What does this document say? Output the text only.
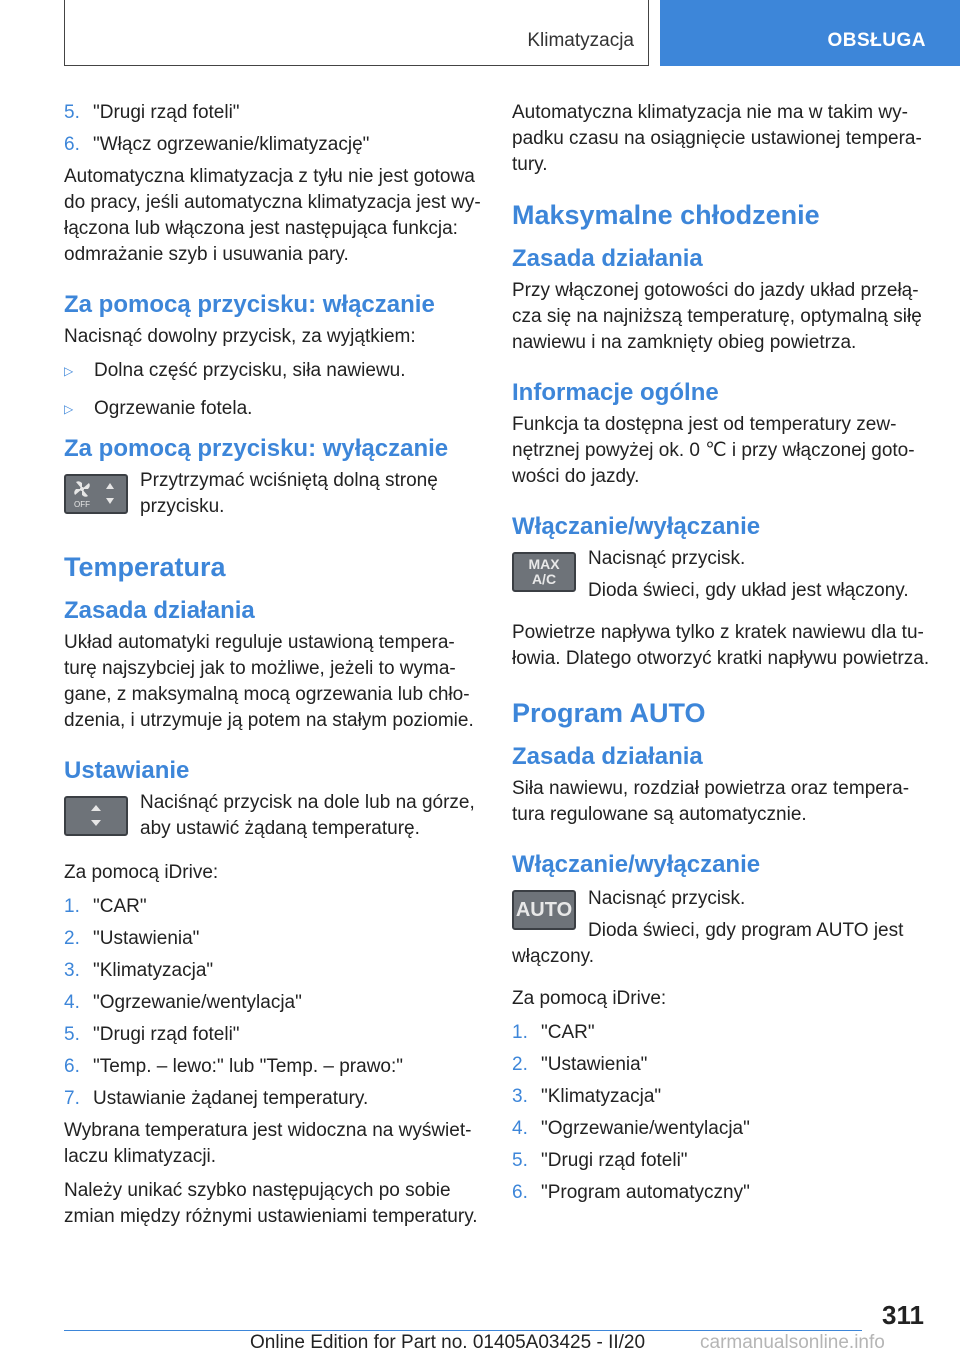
Klimatyzacja	OBSŁUGA
5. "Drugi rząd foteli"
6. "Włącz ogrzewanie/klimatyzację"

Automatyczna klimatyzacja z tyłu nie jest gotowa do pracy, jeśli automatyczna klimatyzacja jest wy‐łączona lub włączona jest następująca funkcja: odmrażanie szyb i usuwania pary.

Za pomocą przycisku: włączanie

Nacisnąć dowolny przycisk, za wyjątkiem:

▷	Dolna część przycisku, siła nawiewu.
▷	Ogrzewanie fotela.
Za pomocą przycisku: wyłączanie
OFF

Przytrzymać wciśniętą dolną stronę przycisku.

Temperatura
Zasada działania

Układ automatyki reguluje ustawioną tempera‐turę najszybciej jak to możliwe, jeżeli to wyma‐gane, z maksymalną mocą ogrzewania lub chło‐dzenia, i utrzymuje ją potem na stałym poziomie.

Ustawianie

Naciśnąć przycisk na dole lub na górze, aby ustawić żądaną temperaturę.

Za pomocą iDrive:

1. "CAR"
2. "Ustawienia"
3. "Klimatyzacja"
4. "Ogrzewanie/wentylacja"
5. "Drugi rząd foteli"
6. "Temp. – lewo:" lub "Temp. – prawo:"
7. Ustawianie żądanej temperatury.

Wybrana temperatura jest widoczna na wyświet‐laczu klimatyzacji.

Należy unikać szybko następujących po sobie zmian między różnymi ustawieniami temperatury.

Automatyczna klimatyzacja nie ma w takim wy‐padku czasu na osiągnięcie ustawionej tempera‐tury.

Maksymalne chłodzenie
Zasada działania

Przy włączonej gotowości do jazdy układ przełą‐cza się na najniższą temperaturę, optymalną siłę nawiewu i na zamknięty obieg powietrza.

Informacje ogólne

Funkcja ta dostępna jest od temperatury zew‐nętrznej powyżej ok. 0 ℃ i przy włączonej goto‐wości do jazdy.

Włączanie/wyłączanie
MAX
A/C

Nacisnąć przycisk.

Dioda świeci, gdy układ jest włączony.

Powietrze napływa tylko z kratek nawiewu dla tu‐łowia. Dlatego otworzyć kratki napływu powietrza.

Program AUTO
Zasada działania

Siła nawiewu, rozdział powietrza oraz tempera‐tura regulowane są automatycznie.

Włączanie/wyłączanie
AUTO Nacisnąć przycisk.

Dioda świeci, gdy program AUTO jest włączony.

Za pomocą iDrive:

1. "CAR"
2. "Ustawienia"
3. "Klimatyzacja"
4. "Ogrzewanie/wentylacja"
5. "Drugi rząd foteli"
6. "Program automatyczny"
311
Online Edition for Part no. 01405A03425 - II/20	carmanualsonline.info
